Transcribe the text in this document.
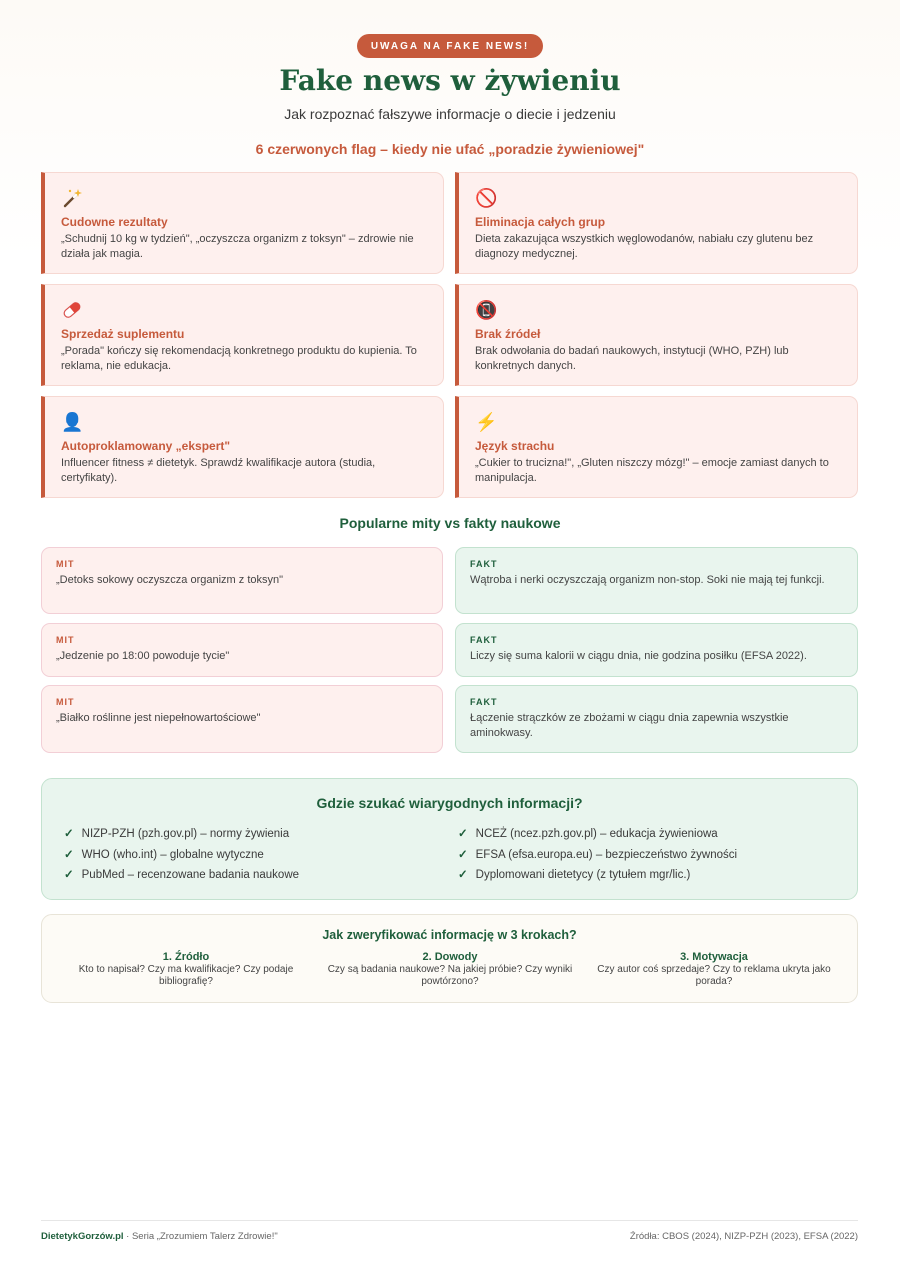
UWAGA NA FAKE NEWS!
Fake news w żywieniu
Jak rozpoznać fałszywe informacje o diecie i jedzeniu
6 czerwonych flag – kiedy nie ufać „poradzie żywieniowej"
Cudowne rezultaty
„Schudnij 10 kg w tydzień", „oczyszcza organizm z toksyn" – zdrowie nie działa jak magia.
🚫
Eliminacja całych grup
Dieta zakazująca wszystkich węglowodanów, nabiału czy glutenu bez diagnozy medycznej.
Sprzedaż suplementu
„Porada" kończy się rekomendacją konkretnego produktu do kupienia. To reklama, nie edukacja.
📵
Brak źródeł
Brak odwołania do badań naukowych, instytucji (WHO, PZH) lub konkretnych danych.
👤
Autoproklamowany „ekspert"
Influencer fitness ≠ dietetyk. Sprawdź kwalifikacje autora (studia, certyfikaty).
⚡
Język strachu
„Cukier to trucizna!", „Gluten niszczy mózg!" – emocje zamiast danych to manipulacja.
Popularne mity vs fakty naukowe
MIT
„Detoks sokowy oczyszcza organizm z toksyn"
FAKT
Wątroba i nerki oczyszczają organizm non-stop. Soki nie mają tej funkcji.
MIT
„Jedzenie po 18:00 powoduje tycie"
FAKT
Liczy się suma kalorii w ciągu dnia, nie godzina posiłku (EFSA 2022).
MIT
„Białko roślinne jest niepełnowartościowe"
FAKT
Łączenie strączków ze zbożami w ciągu dnia zapewnia wszystkie aminokwasy.
Gdzie szukać wiarygodnych informacji?
✓ NIZP-PZH (pzh.gov.pl) – normy żywienia
✓ WHO (who.int) – globalne wytyczne
✓ PubMed – recenzowane badania naukowe
✓ NCEŻ (ncez.pzh.gov.pl) – edukacja żywieniowa
✓ EFSA (efsa.europa.eu) – bezpieczeństwo żywności
✓ Dyplomowani dietetycy (z tytułem mgr/lic.)
Jak zweryfikować informację w 3 krokach?
1. Źródło
Kto to napisał? Czy ma kwalifikacje? Czy podaje bibliografię?
2. Dowody
Czy są badania naukowe? Na jakiej próbie? Czy wyniki powtórzono?
3. Motywacja
Czy autor coś sprzedaje? Czy to reklama ukryta jako porada?
DietetykGorzów.pl · Seria „Zrozumiem Talerz Zdrowie!"	Źródła: CBOS (2024), NIZP-PZH (2023), EFSA (2022)
